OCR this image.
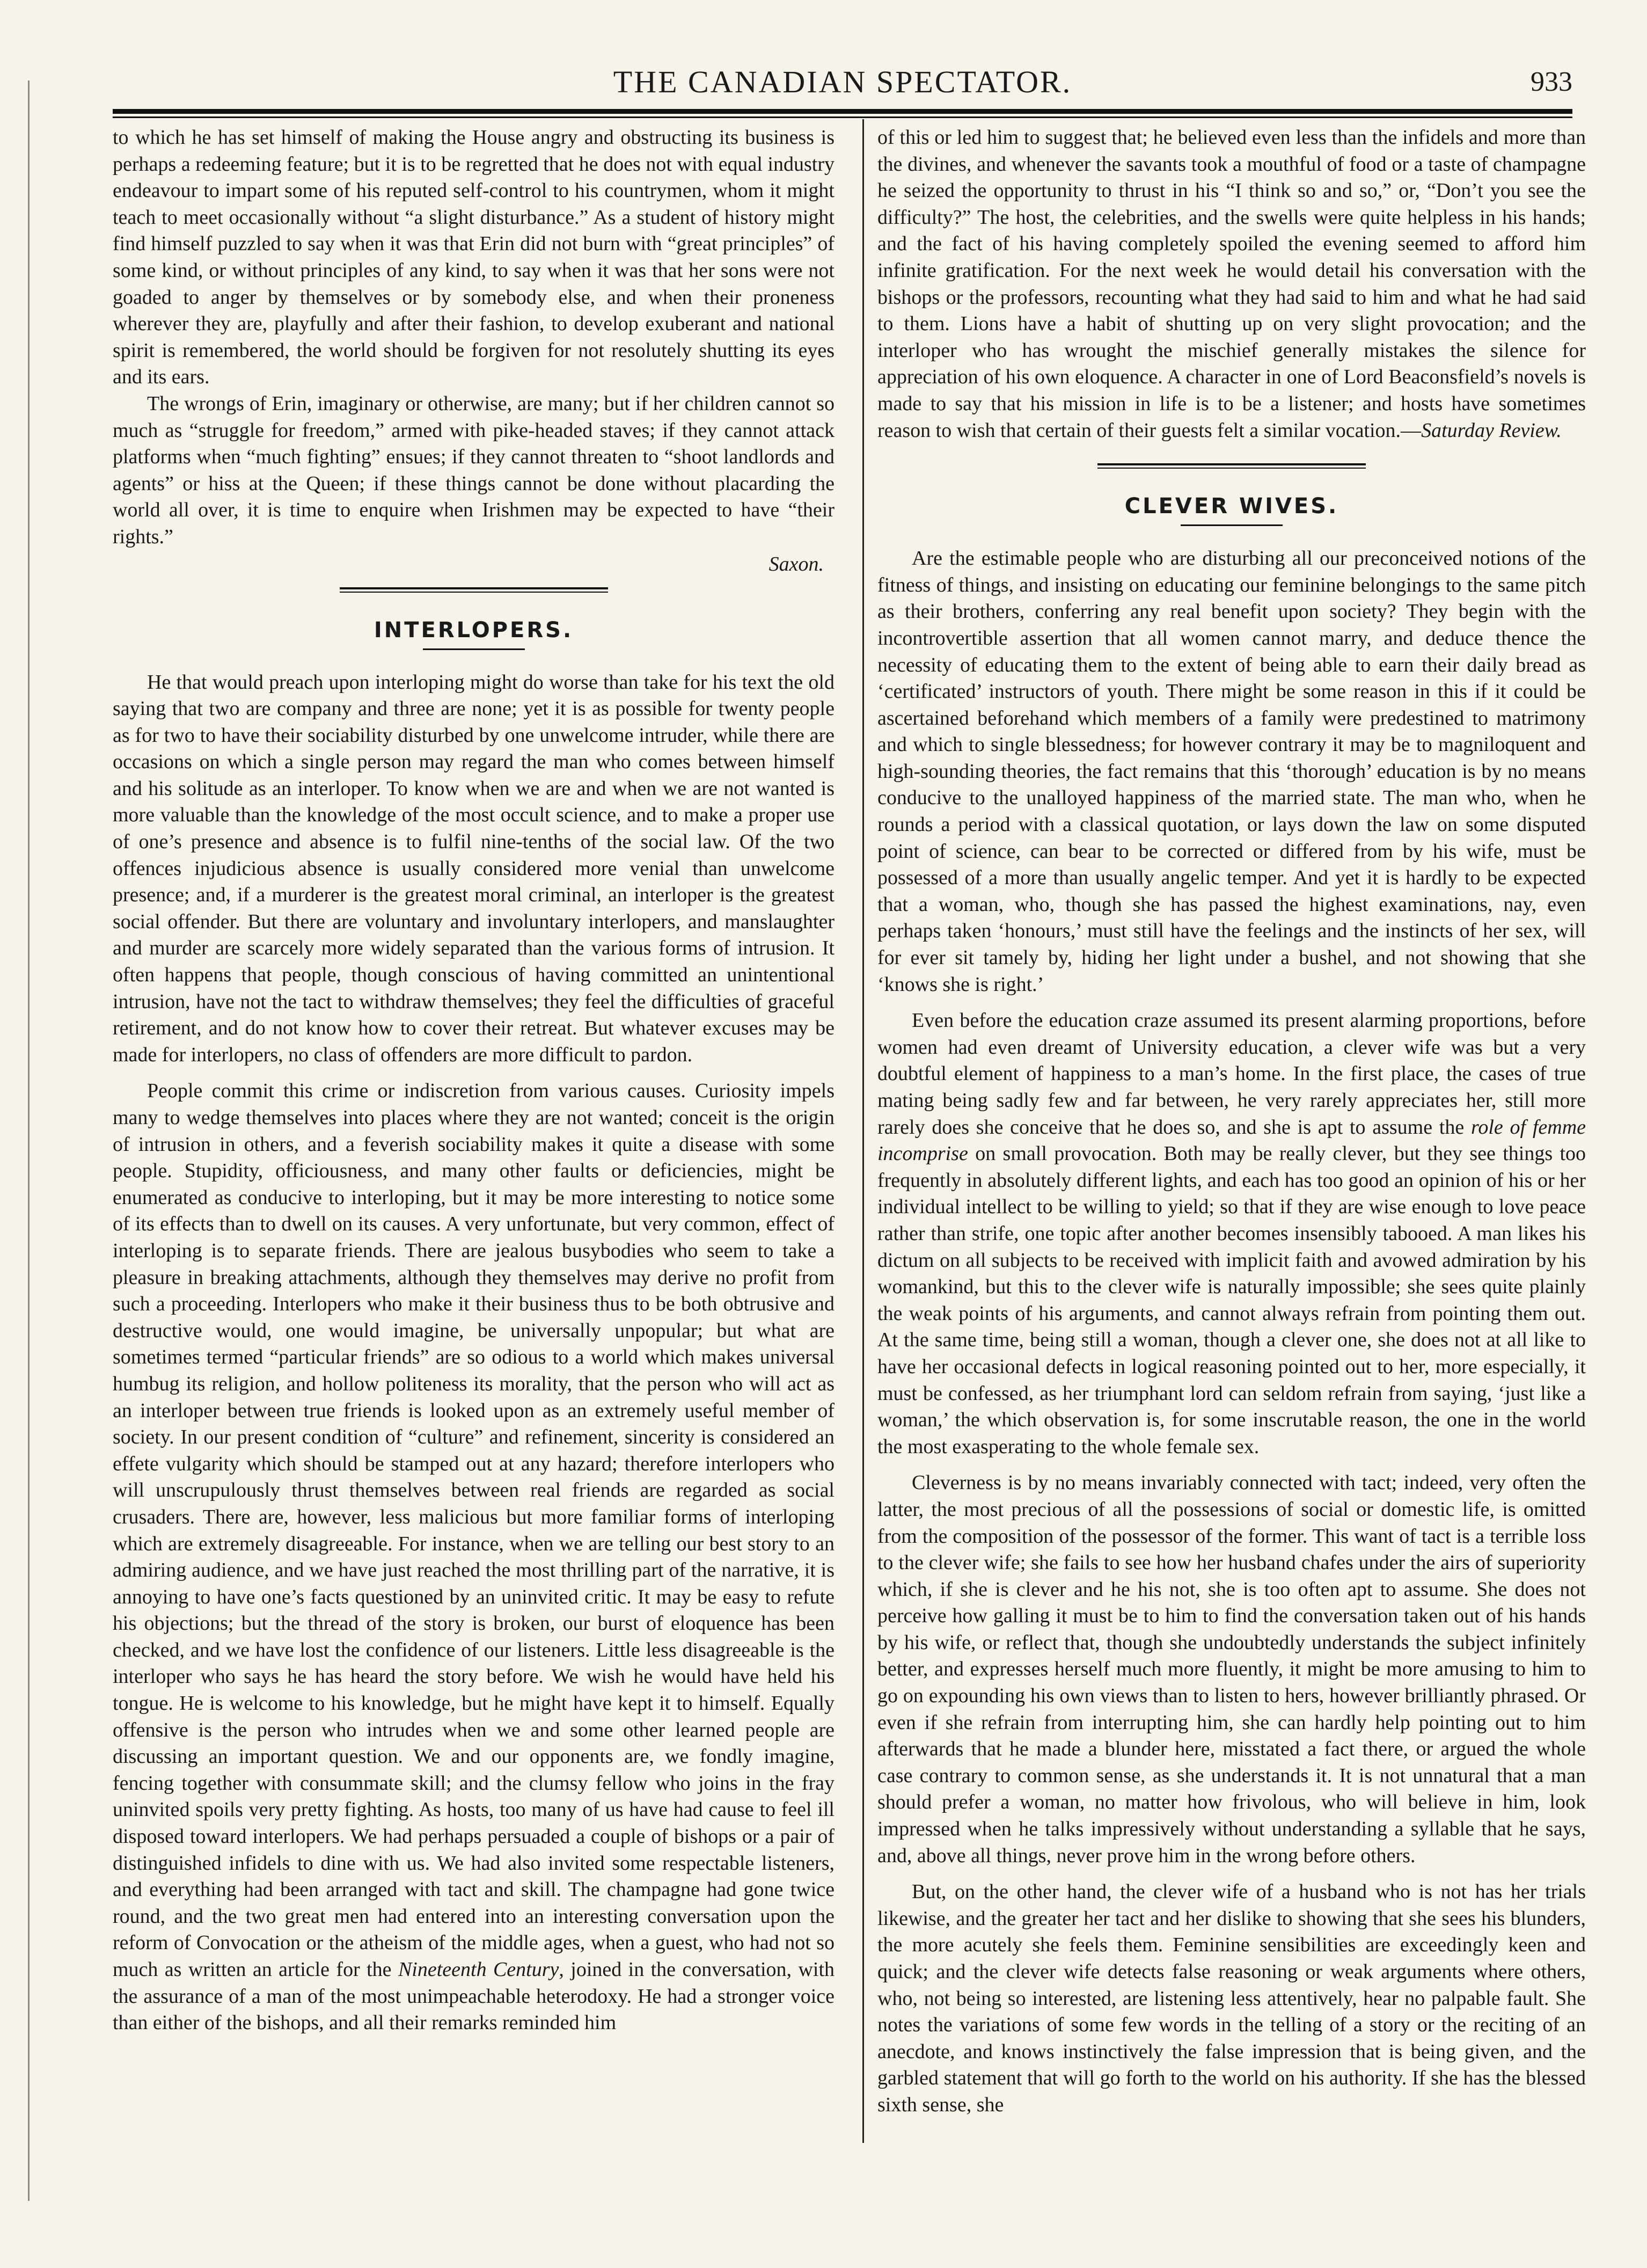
THE CANADIAN SPECTATOR.	933

to which he has set himself of making the House angry and obstructing its business is perhaps a redeeming feature; but it is to be regretted that he does not with equal industry endeavour to impart some of his reputed self-control to his countrymen, whom it might teach to meet occasionally without “a slight disturbance.” As a student of history might find himself puzzled to say when it was that Erin did not burn with “great principles” of some kind, or without principles of any kind, to say when it was that her sons were not goaded to anger by themselves or by somebody else, and when their proneness wherever they are, playfully and after their fashion, to develop exuberant and national spirit is remembered, the world should be forgiven for not resolutely shutting its eyes and its ears.

The wrongs of Erin, imaginary or otherwise, are many; but if her children cannot so much as “struggle for freedom,” armed with pike-headed staves; if they cannot attack platforms when “much fighting” ensues; if they cannot threaten to “shoot landlords and agents” or hiss at the Queen; if these things cannot be done without placarding the world all over, it is time to enquire when Irishmen may be expected to have “their rights.”

Saxon.
INTERLOPERS.

He that would preach upon interloping might do worse than take for his text the old saying that two are company and three are none; yet it is as possible for twenty people as for two to have their sociability disturbed by one unwelcome intruder, while there are occasions on which a single person may regard the man who comes between himself and his solitude as an interloper. To know when we are and when we are not wanted is more valuable than the knowledge of the most occult science, and to make a proper use of one’s presence and absence is to fulfil nine-tenths of the social law. Of the two offences injudicious absence is usually considered more venial than unwelcome presence; and, if a murderer is the greatest moral criminal, an interloper is the greatest social offender. But there are voluntary and involuntary interlopers, and manslaughter and murder are scarcely more widely separated than the various forms of intrusion. It often happens that people, though conscious of having committed an unintentional intrusion, have not the tact to withdraw themselves; they feel the difficulties of graceful retirement, and do not know how to cover their retreat. But whatever excuses may be made for interlopers, no class of offenders are more difficult to pardon.

People commit this crime or indiscretion from various causes. Curiosity impels many to wedge themselves into places where they are not wanted; conceit is the origin of intrusion in others, and a feverish sociability makes it quite a disease with some people. Stupidity, officiousness, and many other faults or deficiencies, might be enumerated as conducive to interloping, but it may be more interesting to notice some of its effects than to dwell on its causes. A very unfortunate, but very common, effect of interloping is to separate friends. There are jealous busybodies who seem to take a pleasure in breaking attachments, although they themselves may derive no profit from such a proceeding. Interlopers who make it their business thus to be both obtrusive and destructive would, one would imagine, be universally unpopular; but what are sometimes termed “particular friends” are so odious to a world which makes universal humbug its religion, and hollow politeness its morality, that the person who will act as an interloper between true friends is looked upon as an extremely useful member of society. In our present condition of “culture” and refinement, sincerity is considered an effete vulgarity which should be stamped out at any hazard; therefore interlopers who will unscrupulously thrust themselves between real friends are regarded as social crusaders. There are, however, less malicious but more familiar forms of interloping which are extremely disagreeable. For instance, when we are telling our best story to an admiring audience, and we have just reached the most thrilling part of the narrative, it is annoying to have one’s facts questioned by an uninvited critic. It may be easy to refute his objections; but the thread of the story is broken, our burst of eloquence has been checked, and we have lost the confidence of our listeners. Little less disagreeable is the interloper who says he has heard the story before. We wish he would have held his tongue. He is welcome to his knowledge, but he might have kept it to himself. Equally offensive is the person who intrudes when we and some other learned people are discussing an important question. We and our opponents are, we fondly imagine, fencing together with consummate skill; and the clumsy fellow who joins in the fray uninvited spoils very pretty fighting. As hosts, too many of us have had cause to feel ill disposed toward interlopers. We had perhaps persuaded a couple of bishops or a pair of distinguished infidels to dine with us. We had also invited some respectable listeners, and everything had been arranged with tact and skill. The champagne had gone twice round, and the two great men had entered into an interesting conversation upon the reform of Convocation or the atheism of the middle ages, when a guest, who had not so much as written an article for the Nineteenth Century, joined in the conversation, with the assurance of a man of the most unimpeachable heterodoxy. He had a stronger voice than either of the bishops, and all their remarks reminded him

of this or led him to suggest that; he believed even less than the infidels and more than the divines, and whenever the savants took a mouthful of food or a taste of champagne he seized the opportunity to thrust in his “I think so and so,” or, “Don’t you see the difficulty?” The host, the celebrities, and the swells were quite helpless in his hands; and the fact of his having completely spoiled the evening seemed to afford him infinite gratification. For the next week he would detail his conversation with the bishops or the professors, recounting what they had said to him and what he had said to them. Lions have a habit of shutting up on very slight provocation; and the interloper who has wrought the mischief generally mistakes the silence for appreciation of his own eloquence. A character in one of Lord Beaconsfield’s novels is made to say that his mission in life is to be a listener; and hosts have sometimes reason to wish that certain of their guests felt a similar vocation.—Saturday Review.

CLEVER WIVES.

Are the estimable people who are disturbing all our preconceived notions of the fitness of things, and insisting on educating our feminine belongings to the same pitch as their brothers, conferring any real benefit upon society? They begin with the incontrovertible assertion that all women cannot marry, and deduce thence the necessity of educating them to the extent of being able to earn their daily bread as ‘certificated’ instructors of youth. There might be some reason in this if it could be ascertained beforehand which members of a family were predestined to matrimony and which to single blessedness; for however contrary it may be to magniloquent and high-sounding theories, the fact remains that this ‘thorough’ education is by no means conducive to the unalloyed happiness of the married state. The man who, when he rounds a period with a classical quotation, or lays down the law on some disputed point of science, can bear to be corrected or differed from by his wife, must be possessed of a more than usually angelic temper. And yet it is hardly to be expected that a woman, who, though she has passed the highest examinations, nay, even perhaps taken ‘honours,’ must still have the feelings and the instincts of her sex, will for ever sit tamely by, hiding her light under a bushel, and not showing that she ‘knows she is right.’

Even before the education craze assumed its present alarming proportions, before women had even dreamt of University education, a clever wife was but a very doubtful element of happiness to a man’s home. In the first place, the cases of true mating being sadly few and far between, he very rarely appreciates her, still more rarely does she conceive that he does so, and she is apt to assume the role of femme incomprise on small provocation. Both may be really clever, but they see things too frequently in absolutely different lights, and each has too good an opinion of his or her individual intellect to be willing to yield; so that if they are wise enough to love peace rather than strife, one topic after another becomes insensibly tabooed. A man likes his dictum on all subjects to be received with implicit faith and avowed admiration by his womankind, but this to the clever wife is naturally impossible; she sees quite plainly the weak points of his arguments, and cannot always refrain from pointing them out. At the same time, being still a woman, though a clever one, she does not at all like to have her occasional defects in logical reasoning pointed out to her, more especially, it must be confessed, as her triumphant lord can seldom refrain from saying, ‘just like a woman,’ the which observation is, for some inscrutable reason, the one in the world the most exasperating to the whole female sex.

Cleverness is by no means invariably connected with tact; indeed, very often the latter, the most precious of all the possessions of social or domestic life, is omitted from the composition of the possessor of the former. This want of tact is a terrible loss to the clever wife; she fails to see how her husband chafes under the airs of superiority which, if she is clever and he his not, she is too often apt to assume. She does not perceive how galling it must be to him to find the conversation taken out of his hands by his wife, or reflect that, though she undoubtedly understands the subject infinitely better, and expresses herself much more fluently, it might be more amusing to him to go on expounding his own views than to listen to hers, however brilliantly phrased. Or even if she refrain from interrupting him, she can hardly help pointing out to him afterwards that he made a blunder here, misstated a fact there, or argued the whole case contrary to common sense, as she understands it. It is not unnatural that a man should prefer a woman, no matter how frivolous, who will believe in him, look impressed when he talks impressively without understanding a syllable that he says, and, above all things, never prove him in the wrong before others.

But, on the other hand, the clever wife of a husband who is not has her trials likewise, and the greater her tact and her dislike to showing that she sees his blunders, the more acutely she feels them. Feminine sensibilities are exceedingly keen and quick; and the clever wife detects false reasoning or weak arguments where others, who, not being so interested, are listening less attentively, hear no palpable fault. She notes the variations of some few words in the telling of a story or the reciting of an anecdote, and knows instinctively the false impression that is being given, and the garbled statement that will go forth to the world on his authority. If she has the blessed sixth sense, she
